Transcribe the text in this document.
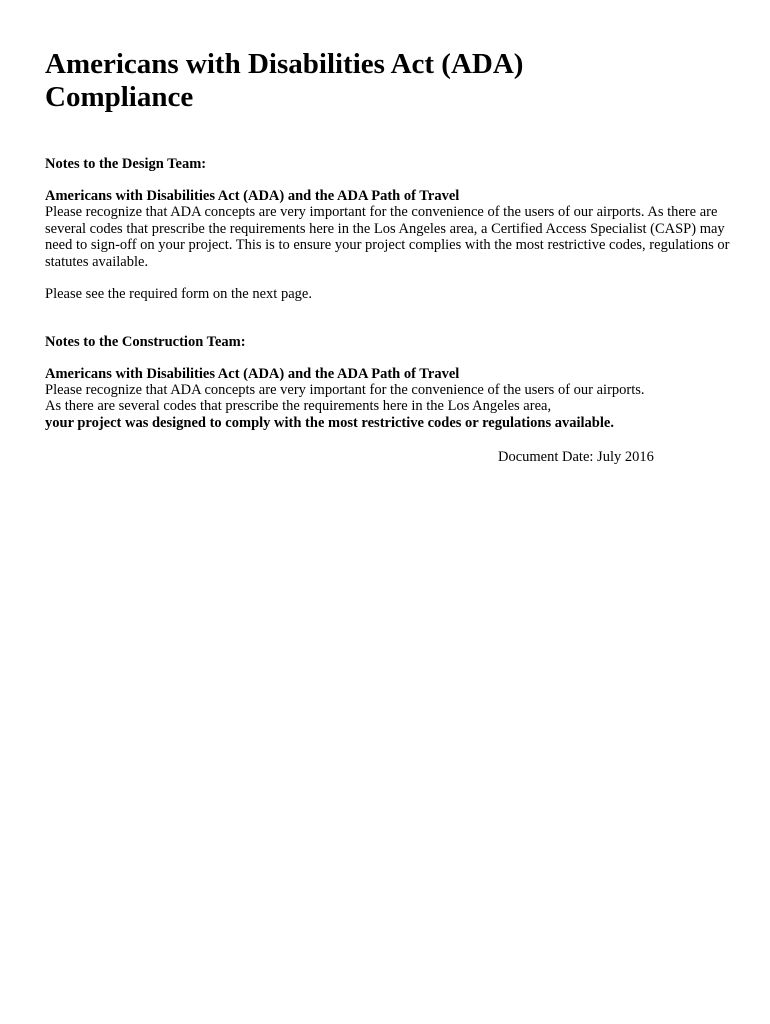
Americans with Disabilities Act (ADA)
Compliance

Notes to the Design Team:

Americans with Disabilities Act (ADA) and the ADA Path of Travel

Please recognize that ADA concepts are very important for the convenience of the users of our airports. As there are
several codes that prescribe the requirements here in the Los Angeles area, a Certified Access Specialist (CASP) may
need to sign-off on your project. This is to ensure your project complies with the most restrictive codes, regulations or
statutes available.

Please see the required form on the next page.

Notes to the Construction Team:

Americans with Disabilities Act (ADA) and the ADA Path of Travel

Please recognize that ADA concepts are very important for the convenience of the users of our airports.
As there are several codes that prescribe the requirements here in the Los Angeles area,
your project was designed to comply with the most restrictive codes or regulations available.

Document Date: July 2016
